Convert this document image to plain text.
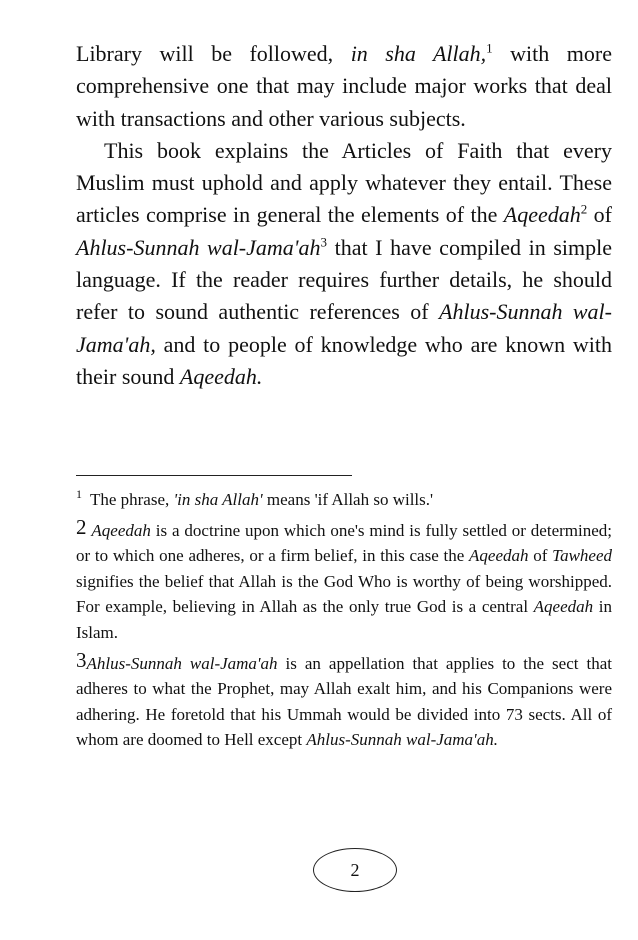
Library will be followed, in sha Allah,$^1$ with more comprehensive one that may include major works that deal with transactions and other various subjects.

This book explains the Articles of Faith that every Muslim must uphold and apply whatever they entail. These articles comprise in general the elements of the Aqeedah$^2$ of Ahlus-Sunnah wal-$Jama'ah^3$ that I have compiled in simple language. If the reader requires further details, he should refer to sound authentic references of Ahlus-Sunnah wal-Jama'ah, and to people of knowledge who are known with their sound Aqeedah.

$^1$ The phrase, 'in sha Allah' means 'if Allah so wills.'

2 Aqeedah is a doctrine upon which one's mind is fully settled or determined; or to which one adheres, or a firm belief, in this case the Aqeedah of Tawheed signifies the belief that Allah is the God Who is worthy of being worshipped. For example, believing in Allah as the only true God is a central Aqeedah in Islam.

3Ahlus-Sunnah wal-Jama'ah is an appellation that applies to the sect that adheres to what the Prophet, may Allah exalt him, and his Companions were adhering. He foretold that his Ummah would be divided into 73 sects. All of whom are doomed to Hell except Ahlus-Sunnah wal-Jama'ah.

2
